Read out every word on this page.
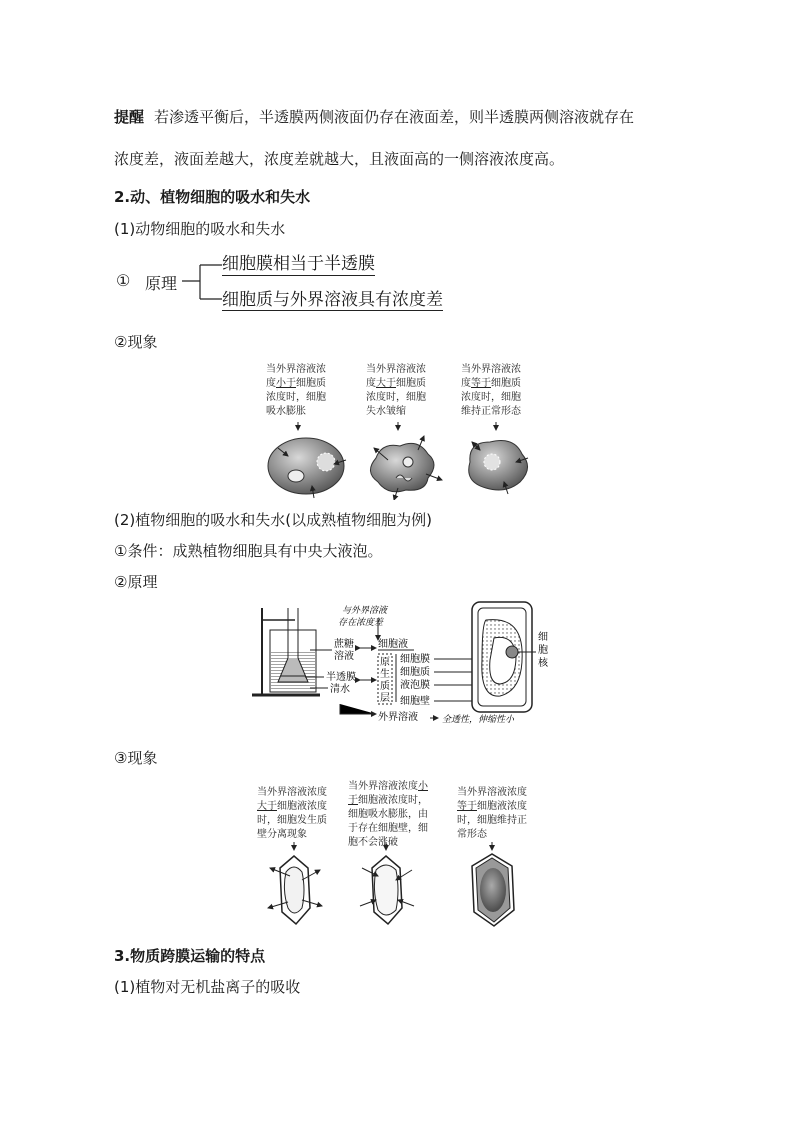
提醒 若渗透平衡后，半透膜两侧液面仍存在液面差，则半透膜两侧溶液就存在
浓度差，液面差越大，浓度差就越大，且液面高的一侧溶液浓度高。
2.动、植物细胞的吸水和失水
(1)动物细胞的吸水和失水
① 原理
细胞膜相当于半透膜
细胞质与外界溶液具有浓度差
②现象
当外界溶液浓
度小于细胞质
浓度时，细胞
吸水膨胀
当外界溶液浓
度大于细胞质
浓度时，细胞
失水皱缩
当外界溶液浓
度等于细胞质
浓度时，细胞
维持正常形态
(2)植物细胞的吸水和失水(以成熟植物细胞为例)
①条件：成熟植物细胞具有中央大液泡。
②原理
与外界溶液
存在浓度差
蔗糖
溶液
半透膜
清水
细胞液
原
生
质
层
细胞膜
细胞质
液泡膜
细胞壁
外界溶液	全透性，伸缩性小
细
胞
核
③现象
当外界溶液浓度
大于细胞液浓度
时，细胞发生质
壁分离现象
当外界溶液浓度小
于细胞液浓度时，
细胞吸水膨胀，由
于存在细胞壁，细
胞不会涨破
当外界溶液浓度
等于细胞液浓度
时，细胞维持正
常形态
3.物质跨膜运输的特点
(1)植物对无机盐离子的吸收
